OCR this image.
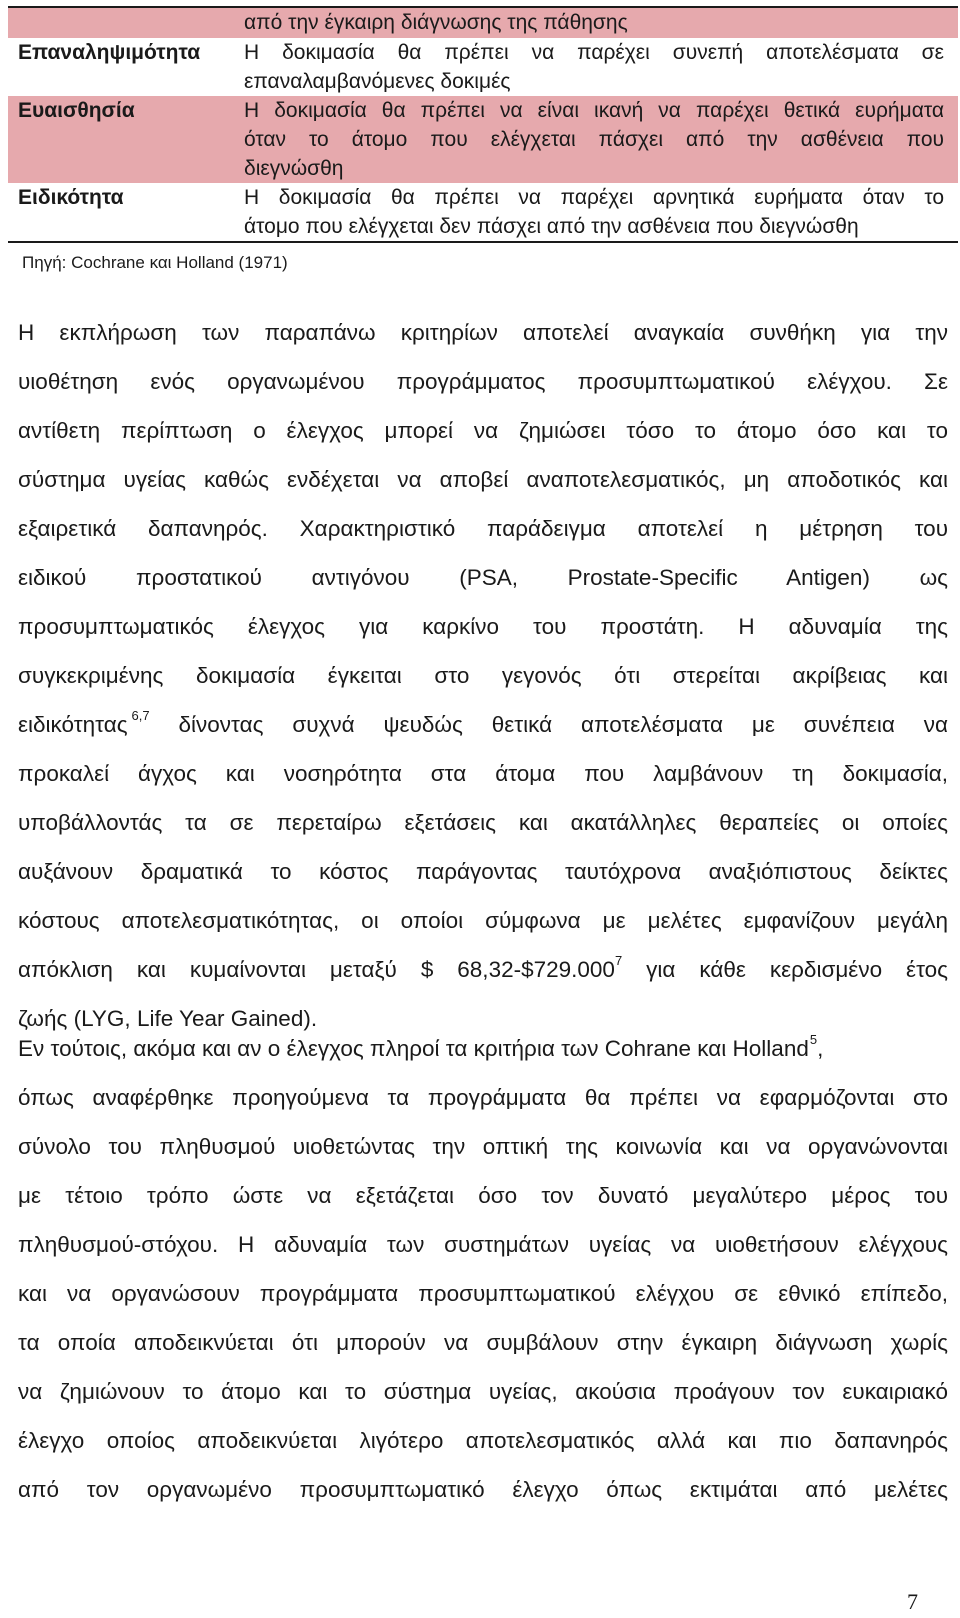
από την έγκαιρη διάγνωσης της πάθησης
Επαναληψιμότητα	Η δοκιμασία θα πρέπει να παρέχει συνεπή αποτελέσματα σε
επαναλαμβανόμενες δοκιμές
Ευαισθησία	Η δοκιμασία θα πρέπει να είναι ικανή να παρέχει θετικά ευρήματα
όταν το άτομο που ελέγχεται πάσχει από την ασθένεια που
διεγνώσθη
Ειδικότητα	Η δοκιμασία θα πρέπει να παρέχει αρνητικά ευρήματα όταν το
άτομο που ελέγχεται δεν πάσχει από την ασθένεια που διεγνώσθη
Πηγή: Cochrane και Holland (1971)
Η εκπλήρωση των παραπάνω κριτηρίων αποτελεί αναγκαία συνθήκη για την
υιοθέτηση ενός οργανωμένου προγράμματος προσυμπτωματικού ελέγχου. Σε
αντίθετη περίπτωση ο έλεγχος μπορεί να ζημιώσει τόσο το άτομο όσο και το
σύστημα υγείας καθώς ενδέχεται να αποβεί αναποτελεσματικός, μη αποδοτικός και
εξαιρετικά δαπανηρός. Χαρακτηριστικό παράδειγμα αποτελεί η μέτρηση του
ειδικού προστατικού αντιγόνου (PSA, Prostate-Specific Antigen) ως
προσυμπτωματικός έλεγχος για καρκίνο του προστάτη. Η αδυναμία της
συγκεκριμένης δοκιμασία έγκειται στο γεγονός ότι στερείται ακρίβειας και
ειδικότητας $^{6,7}$ δίνοντας συχνά ψευδώς θετικά αποτελέσματα με συνέπεια να
προκαλεί άγχος και νοσηρότητα στα άτομα που λαμβάνουν τη δοκιμασία,
υποβάλλοντάς τα σε περεταίρω εξετάσεις και ακατάλληλες θεραπείες οι οποίες
αυξάνουν δραματικά το κόστος παράγοντας ταυτόχρονα αναξιόπιστους δείκτες
κόστους αποτελεσματικότητας, οι οποίοι σύμφωνα με μελέτες εμφανίζουν μεγάλη
απόκλιση και κυμαίνονται μεταξύ $ 68,32-$729.000$^7$ για κάθε κερδισμένο έτος
ζωής (LYG, Life Year Gained).
Εν τούτοις, ακόμα και αν ο έλεγχος πληροί τα κριτήρια των Cohrane και Holland$^5$,
όπως αναφέρθηκε προηγούμενα τα προγράμματα θα πρέπει να εφαρμόζονται στο
σύνολο του πληθυσμού υιοθετώντας την οπτική της κοινωνία και να οργανώνονται
με τέτοιο τρόπο ώστε να εξετάζεται όσο τον δυνατό μεγαλύτερο μέρος του
πληθυσμού-στόχου. Η αδυναμία των συστημάτων υγείας να υιοθετήσουν ελέγχους
και να οργανώσουν προγράμματα προσυμπτωματικού ελέγχου σε εθνικό επίπεδο,
τα οποία αποδεικνύεται ότι μπορούν να συμβάλουν στην έγκαιρη διάγνωση χωρίς
να ζημιώνουν το άτομο και το σύστημα υγείας, ακούσια προάγουν τον ευκαιριακό
έλεγχο οποίος αποδεικνύεται λιγότερο αποτελεσματικός αλλά και πιο δαπανηρός
από τον οργανωμένο προσυμπτωματικό έλεγχο όπως εκτιμάται από μελέτες
7
